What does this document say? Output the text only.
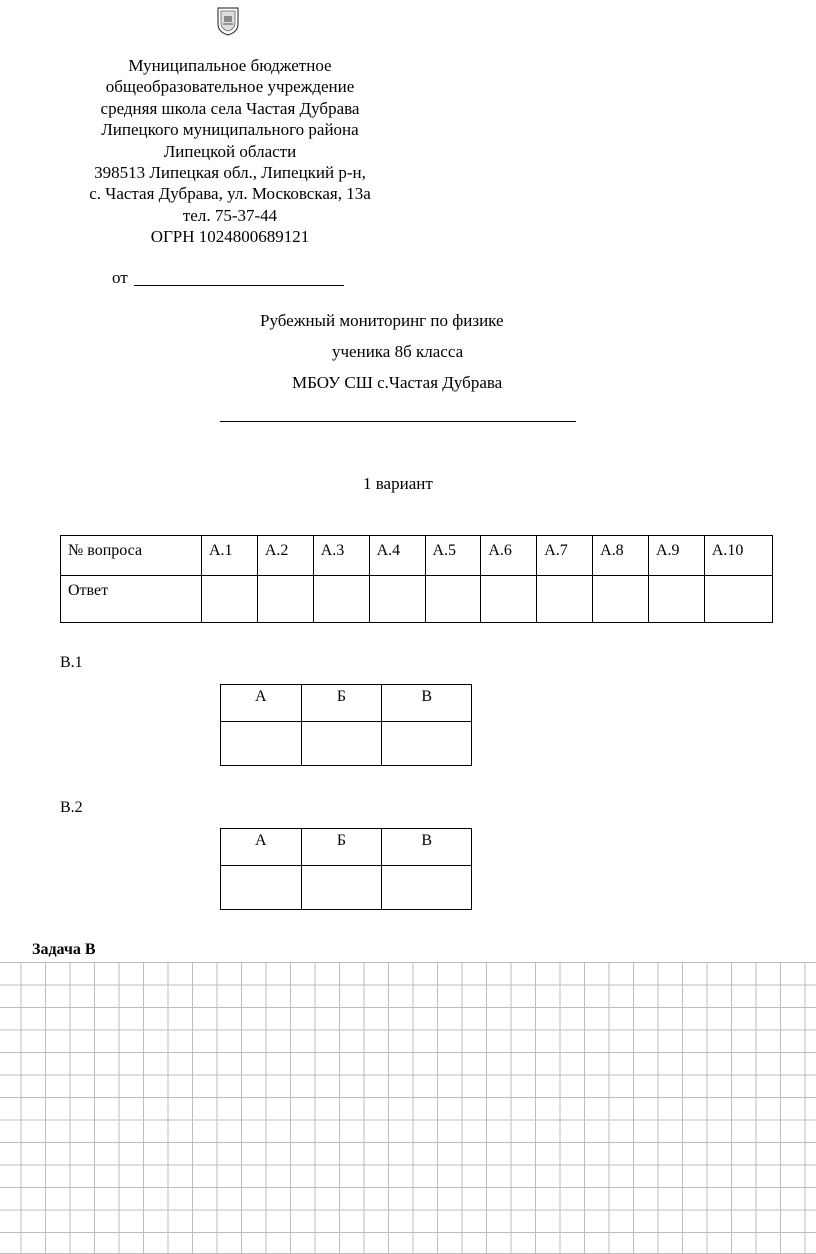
Муниципальное бюджетное
общеобразовательное учреждение
средняя школа села Частая Дубрава
Липецкого муниципального района
Липецкой области
398513 Липецкая обл., Липецкий р-н,
с. Частая Дубрава, ул. Московская, 13а
тел. 75-37-44
ОГРН 1024800689121
от
Рубежный мониторинг по физике
ученика 8б класса
МБОУ СШ с.Частая Дубрава
1 вариант
№ вопроса	А.1	А.2	А.3	А.4	А.5	А.6	А.7	А.8	А.9	А.10
Ответ										
В.1
А	Б	В

В.2
А	Б	В

Задача В
